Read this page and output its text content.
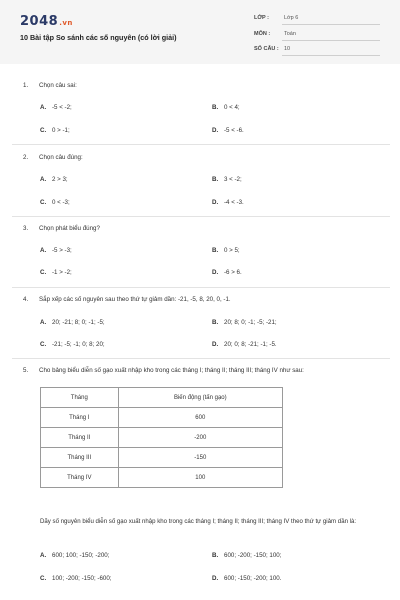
2048.vn
10 Bài tập So sánh các số nguyên (có lời giải)
LỚP :	Lớp 6
MÔN :	Toán
SỐ CÂU : 10
1. Chọn câu sai:
A. -5 < -2;	B. 0 < 4;
C. 0 > -1;	D. -5 < -6.
2. Chọn câu đúng:
A. 2 > 3;	B. 3 < -2;
C. 0 < -3;	D. -4 < -3.
3. Chọn phát biểu đúng?
A. -5 > -3;	B. 0 > 5;
C. -1 > -2;	D. -6 > 6.
4. Sắp xếp các số nguyên sau theo thứ tự giảm dần: -21, -5, 8, 20, 0, -1.
A. 20; -21; 8; 0; -1; -5;	B. 20; 8; 0; -1; -5; -21;
C. -21; -5; -1; 0; 8; 20;	D. 20; 0; 8; -21; -1; -5.
5. Cho bảng biểu diễn số gạo xuất nhập kho trong các tháng I; tháng II; tháng III; tháng IV như sau:
Tháng	Biến động (tấn gạo)
Tháng I	600
Tháng II	-200
Tháng III	-150
Tháng IV	100
Dãy số nguyên biểu diễn số gạo xuất nhập kho trong các tháng I; tháng II; tháng III; tháng IV theo thứ tự giảm dần là:
A. 600; 100; -150; -200;	B. 600; -200; -150; 100;
C. 100; -200; -150; -600;	D. 600; -150; -200; 100.
